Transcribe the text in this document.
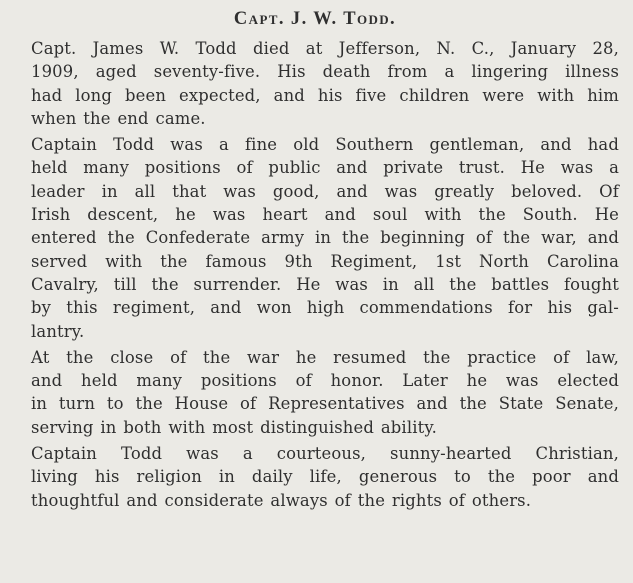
Capt. J. W. Todd.

Capt. James W. Todd died at Jefferson, N. C., January 28,
1909, aged seventy-five. His death from a lingering illness
had long been expected, and his five children were with him
when the end came.

Captain Todd was a fine old Southern gentleman, and had
held many positions of public and private trust. He was a
leader in all that was good, and was greatly beloved. Of
Irish descent, he was heart and soul with the South. He
entered the Confederate army in the beginning of the war, and
served with the famous 9th Regiment, 1st North Carolina
Cavalry, till the surrender. He was in all the battles fought
by this regiment, and won high commendations for his gal-
lantry.

At the close of the war he resumed the practice of law,
and held many positions of honor. Later he was elected
in turn to the House of Representatives and the State Senate,
serving in both with most distinguished ability.

Captain Todd was a courteous, sunny-hearted Christian,
living his religion in daily life, generous to the poor and
thoughtful and considerate always of the rights of others.
